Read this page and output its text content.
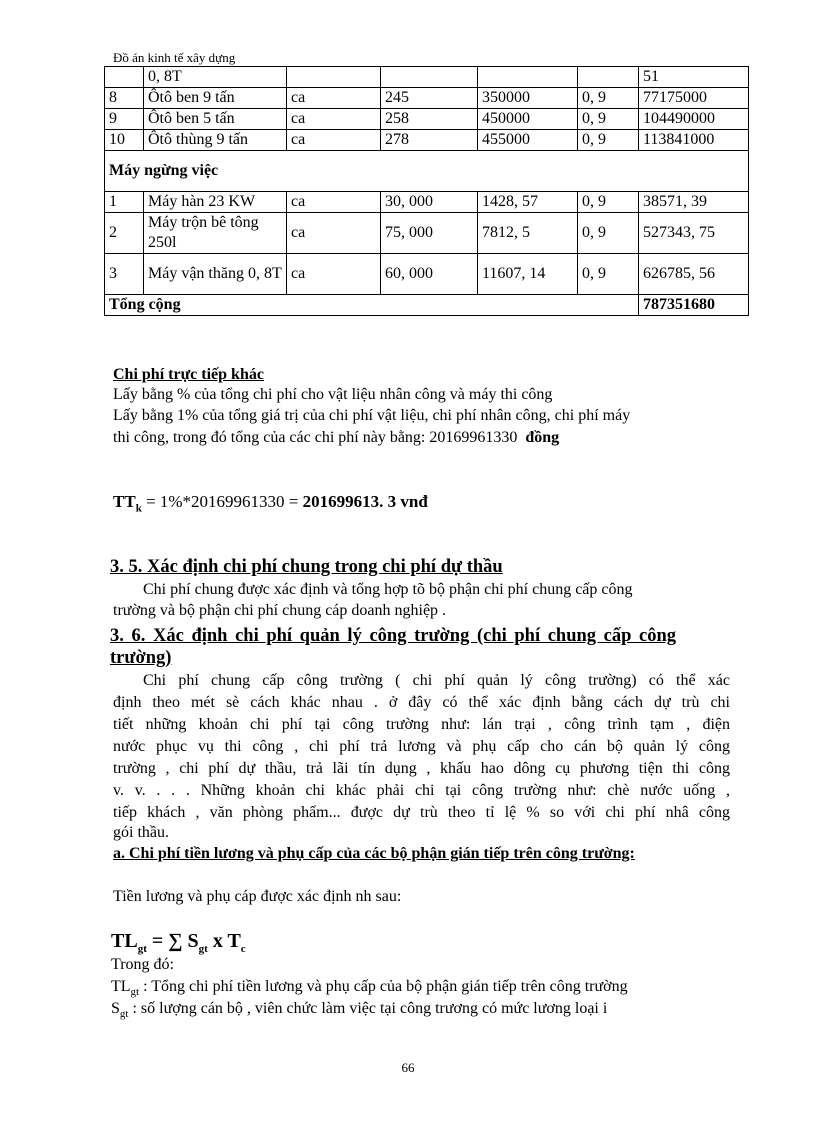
Đồ án kinh tế xây dựng
	0, 8T					51
8	Ôtô ben 9 tấn	ca	245	350000	0, 9	77175000
9	Ôtô ben 5 tấn	ca	258	450000	0, 9	104490000
10	Ôtô thùng 9 tấn	ca	278	455000	0, 9	113841000
Máy ngừng việc						
1	Máy hàn 23 KW	ca	30, 000	1428, 57	0, 9	38571, 39
2	Máy trộn bê tông 250l	ca	75, 000	7812, 5	0, 9	527343, 75
3	Máy vận thăng 0, 8T	ca	60, 000	11607, 14	0, 9	626785, 56
Tổng cộng						787351680
Chi phí trực tiếp khác
Lấy bằng % của tổng chi phí cho vật liệu nhân công và máy thi công
Lấy bằng 1% của tổng giá trị của chi phí vật liệu, chi phí nhân công, chi phí máy
thi công, trong đó tổng của các chi phí này bằng: 20169961330 đồng
$TT_k = 1\%*20169961330 = 201699613$. 3 vnđ
3. 5. Xác định chi phí chung trong chi phí dự thầu
Chi phí chung được xác định và tổng hợp tõ bộ phận chi phí chung cấp công
trường và bộ phận chi phí chung cáp doanh nghiệp .
3. 6. Xác định chi phí quản lý công trường (chi phí chung cấp công
trường)
Chi phí chung cấp công trường ( chi phí quản lý công trường) có thể xác
định theo mét sè cách khác nhau . ở đây có thể xác định bằng cách dự trù chi
tiết những khoản chi phí tại công trường như: lán trại , công trình tạm , điện
nước phục vụ thi công , chi phí trả lương và phụ cấp cho cán bộ quản lý công
trường , chi phí dự thầu, trả lãi tín dụng , khấu hao dông cụ phương tiện thi công
v. v. . . . Những khoản chi khác phải chi tại công trường như: chè nước uống ,
tiếp khách , văn phòng phẩm... được dự trù theo tỉ lệ % so với chi phí nhâ công
gói thầu.
a. Chi phí tiền lương và phụ cấp của các bộ phận gián tiếp trên công trường:
Tiền lương và phụ cáp được xác định nh sau:
$TL_{gt}$ = ∑ $S_{gt}$ x $T_c$
Trong đó:
$TL_{gt}$ : Tổng chi phí tiền lương và phụ cấp của bộ phận gián tiếp trên công trường
$S_{gt}$ : số lượng cán bộ , viên chức làm việc tại công trương có mức lương loại i
66
